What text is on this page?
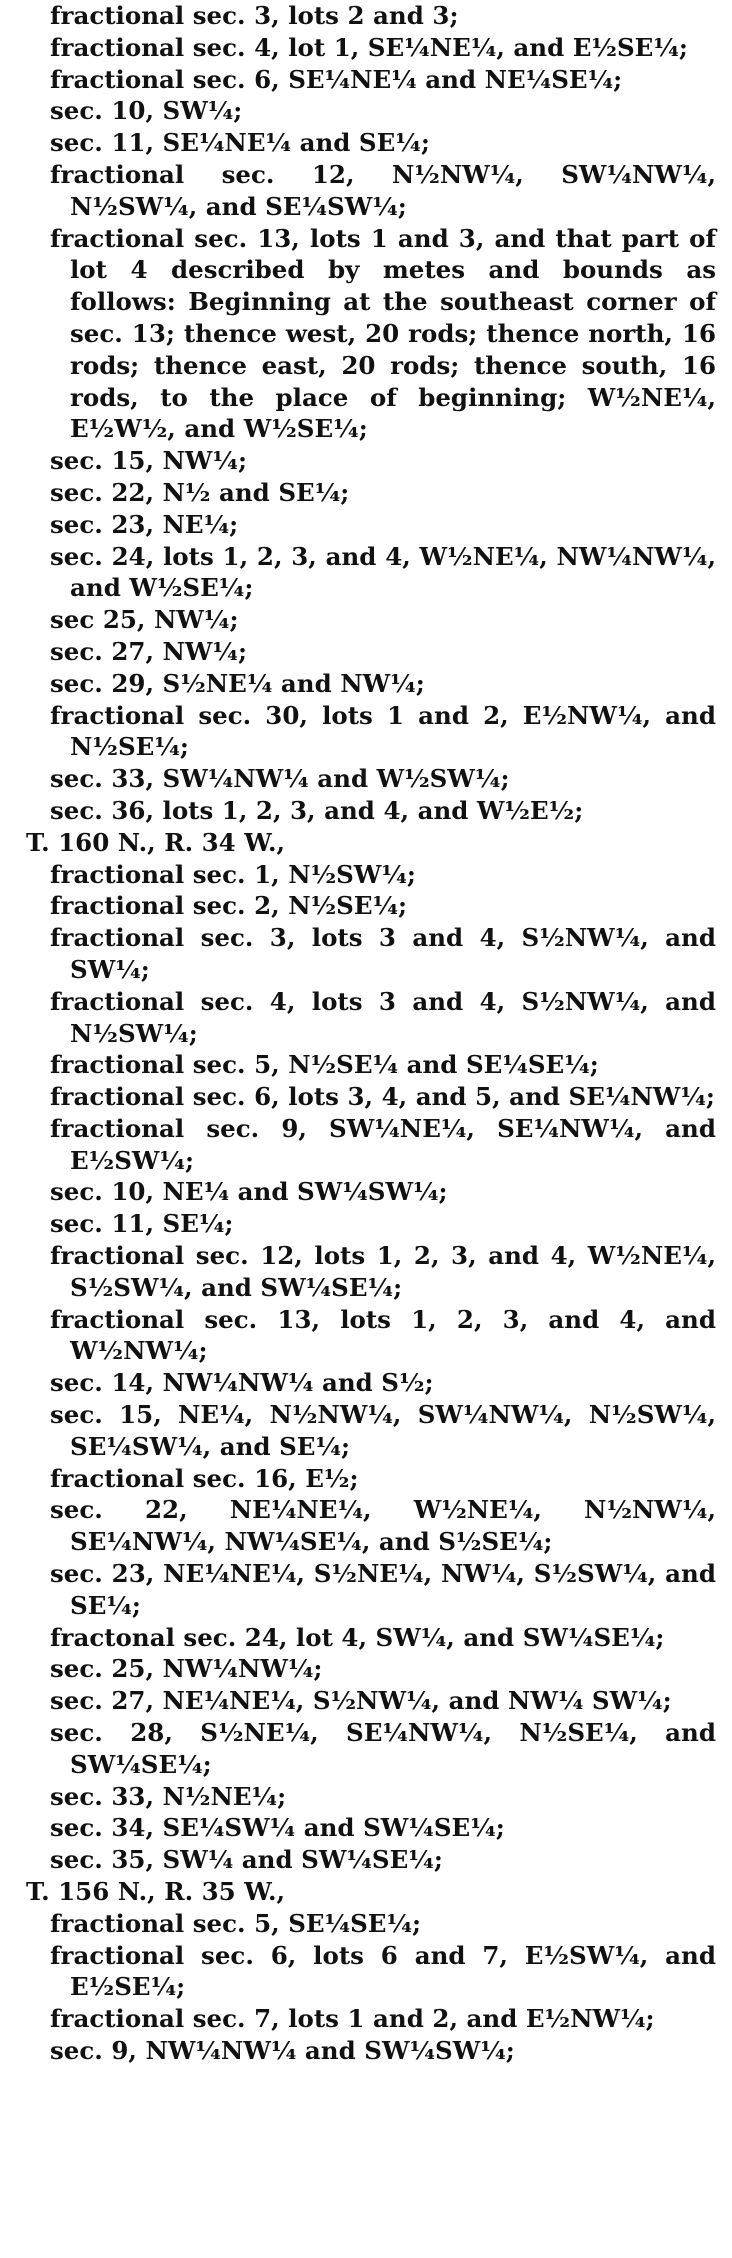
fractional sec. 3, lots 2 and 3;

fractional sec. 4, lot 1, SE¼NE¼, and E½SE¼;

fractional sec. 6, SE¼NE¼ and NE¼SE¼;

sec. 10, SW¼;

sec. 11, SE¼NE¼ and SE¼;

fractional sec. 12, N½NW¼, SW¼NW¼, N½SW¼, and SE¼SW¼;

fractional sec. 13, lots 1 and 3, and that part of lot 4 described by metes and bounds as follows: Beginning at the southeast corner of sec. 13; thence west, 20 rods; thence north, 16 rods; thence east, 20 rods; thence south, 16 rods, to the place of beginning; W½NE¼, E½W½, and W½SE¼;

sec. 15, NW¼;

sec. 22, N½ and SE¼;

sec. 23, NE¼;

sec. 24, lots 1, 2, 3, and 4, W½NE¼, NW¼NW¼, and W½SE¼;

sec 25, NW¼;

sec. 27, NW¼;

sec. 29, S½NE¼ and NW¼;

fractional sec. 30, lots 1 and 2, E½NW¼, and N½SE¼;

sec. 33, SW¼NW¼ and W½SW¼;

sec. 36, lots 1, 2, 3, and 4, and W½E½;

T. 160 N., R. 34 W.,

fractional sec. 1, N½SW¼;

fractional sec. 2, N½SE¼;

fractional sec. 3, lots 3 and 4, S½NW¼, and SW¼;

fractional sec. 4, lots 3 and 4, S½NW¼, and N½SW¼;

fractional sec. 5, N½SE¼ and SE¼SE¼;

fractional sec. 6, lots 3, 4, and 5, and SE¼NW¼;

fractional sec. 9, SW¼NE¼, SE¼NW¼, and E½SW¼;

sec. 10, NE¼ and SW¼SW¼;

sec. 11, SE¼;

fractional sec. 12, lots 1, 2, 3, and 4, W½NE¼, S½SW¼, and SW¼SE¼;

fractional sec. 13, lots 1, 2, 3, and 4, and W½NW¼;

sec. 14, NW¼NW¼ and S½;

sec. 15, NE¼, N½NW¼, SW¼NW¼, N½SW¼, SE¼SW¼, and SE¼;

fractional sec. 16, E½;

sec. 22, NE¼NE¼, W½NE¼, N½NW¼, SE¼NW¼, NW¼SE¼, and S½SE¼;

sec. 23, NE¼NE¼, S½NE¼, NW¼, S½SW¼, and SE¼;

fractonal sec. 24, lot 4, SW¼, and SW¼SE¼;

sec. 25, NW¼NW¼;

sec. 27, NE¼NE¼, S½NW¼, and NW¼ SW¼;

sec. 28, S½NE¼, SE¼NW¼, N½SE¼, and SW¼SE¼;

sec. 33, N½NE¼;

sec. 34, SE¼SW¼ and SW¼SE¼;

sec. 35, SW¼ and SW¼SE¼;

T. 156 N., R. 35 W.,

fractional sec. 5, SE¼SE¼;

fractional sec. 6, lots 6 and 7, E½SW¼, and E½SE¼;

fractional sec. 7, lots 1 and 2, and E½NW¼;

sec. 9, NW¼NW¼ and SW¼SW¼;
